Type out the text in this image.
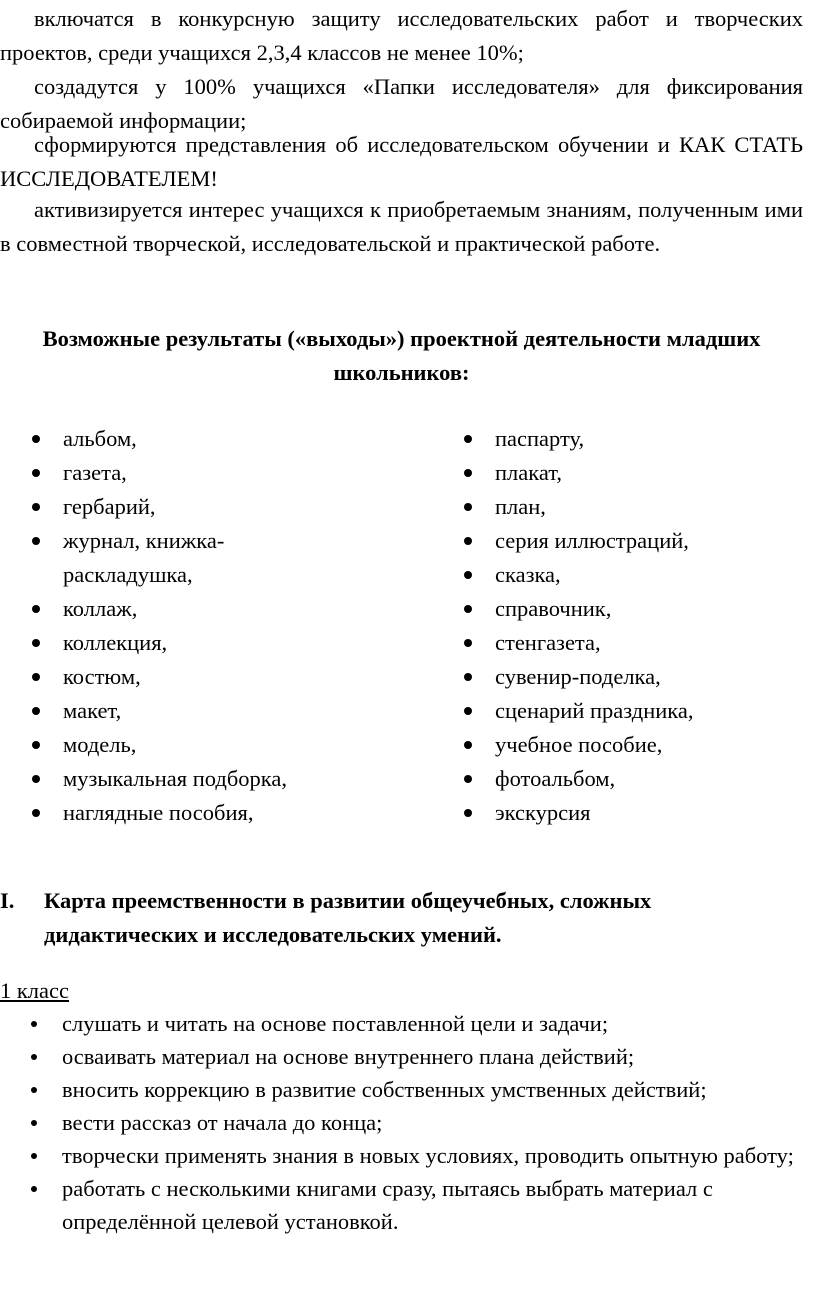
включатся в конкурсную защиту исследовательских работ и творческих проектов, среди учащихся 2,3,4 классов не менее 10%;

создадутся у 100% учащихся «Папки исследователя» для фиксирования собираемой информации;

сформируются представления об исследовательском обучении и КАК СТАТЬ ИССЛЕДОВАТЕЛЕМ!

активизируется интерес учащихся к приобретаемым знаниям, полученным ими в совместной творческой, исследовательской и практической работе.

Возможные результаты («выходы») проектной деятельности младших школьников:

альбом,
газета,
гербарий,
журнал, книжка-раскладушка,
коллаж,
коллекция,
костюм,
макет,
модель,
музыкальная подборка,
наглядные пособия,
паспарту,
плакат,
план,
серия иллюстраций,
сказка,
справочник,
стенгазета,
сувенир-поделка,
сценарий праздника,
учебное пособие,
фотоальбом,
экскурсия
I. Карта преемственности в развитии общеучебных, сложных дидактических и исследовательских умений.
1 класс
слушать и читать на основе поставленной цели и задачи;
осваивать материал на основе внутреннего плана действий;
вносить коррекцию в развитие собственных умственных действий;
вести рассказ от начала до конца;
творчески применять знания в новых условиях, проводить опытную работу;
работать с несколькими книгами сразу, пытаясь выбрать материал с определённой целевой установкой.
